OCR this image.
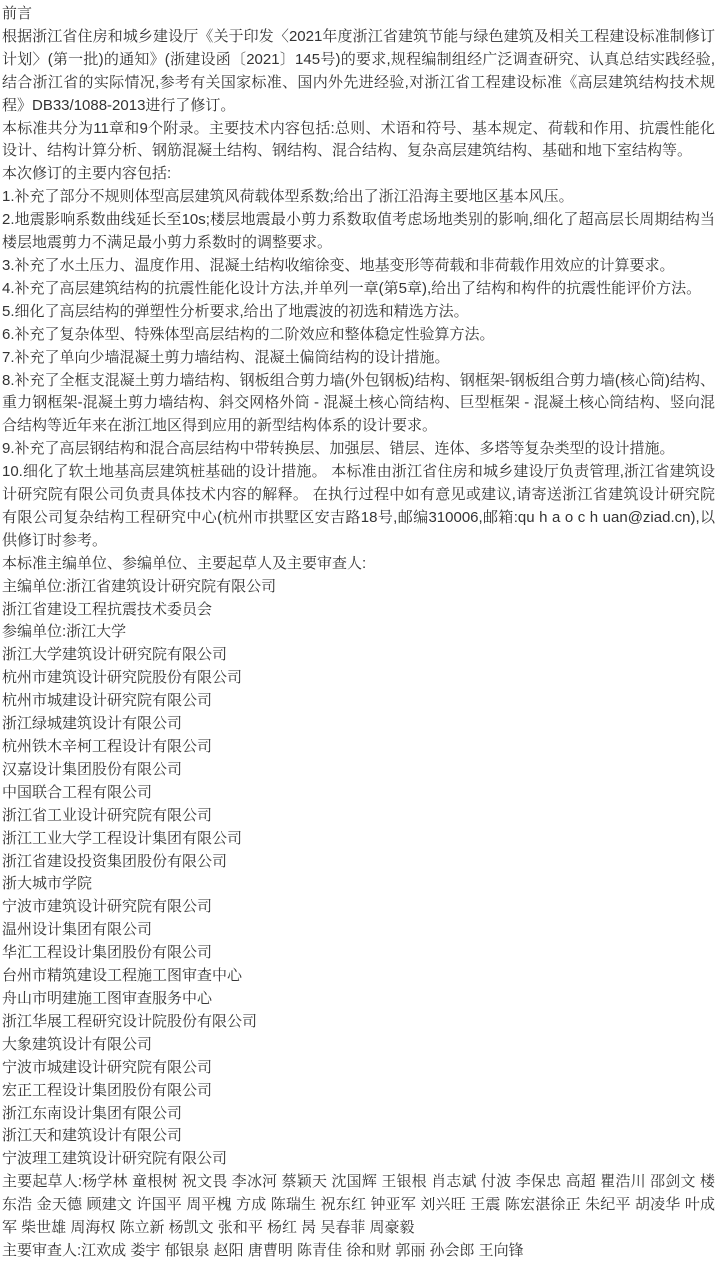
前言

根据浙江省住房和城乡建设厅《关于印发〈2021年度浙江省建筑节能与绿色建筑及相关工程建设标准制修订计划〉(第一批)的通知》(浙建设函〔2021〕145号)的要求,规程编制组经广泛调查研究、认真总结实践经验,结合浙江省的实际情况,参考有关国家标准、国内外先进经验,对浙江省工程建设标准《高层建筑结构技术规程》DB33/1088-2013进行了修订。

本标准共分为11章和9个附录。主要技术内容包括:总则、术语和符号、基本规定、荷载和作用、抗震性能化设计、结构计算分析、钢筋混凝土结构、钢结构、混合结构、复杂高层建筑结构、基础和地下室结构等。

本次修订的主要内容包括:

1.补充了部分不规则体型高层建筑风荷载体型系数;给出了浙江沿海主要地区基本风压。

2.地震影响系数曲线延长至10s;楼层地震最小剪力系数取值考虑场地类别的影响,细化了超高层长周期结构当楼层地震剪力不满足最小剪力系数时的调整要求。

3.补充了水土压力、温度作用、混凝土结构收缩徐变、地基变形等荷载和非荷载作用效应的计算要求。

4.补充了高层建筑结构的抗震性能化设计方法,并单列一章(第5章),给出了结构和构件的抗震性能评价方法。

5.细化了高层结构的弹塑性分析要求,给出了地震波的初选和精选方法。

6.补充了复杂体型、特殊体型高层结构的二阶效应和整体稳定性验算方法。

7.补充了单向少墙混凝土剪力墙结构、混凝土偏筒结构的设计措施。

8.补充了全框支混凝土剪力墙结构、钢板组合剪力墙(外包钢板)结构、钢框架-钢板组合剪力墙(核心筒)结构、重力钢框架-混凝土剪力墙结构、斜交网格外筒 - 混凝土核心筒结构、巨型框架 - 混凝土核心筒结构、竖向混合结构等近年来在浙江地区得到应用的新型结构体系的设计要求。

9.补充了高层钢结构和混合高层结构中带转换层、加强层、错层、连体、多塔等复杂类型的设计措施。

10.细化了软土地基高层建筑桩基础的设计措施。 本标准由浙江省住房和城乡建设厅负责管理,浙江省建筑设计研究院有限公司负责具体技术内容的解释。 在执行过程中如有意见或建议,请寄送浙江省建筑设计研究院有限公司复杂结构工程研究中心(杭州市拱墅区安吉路18号,邮编310006,邮箱:qu h a o c h uan@ziad.cn),以供修订时参考。

本标准主编单位、参编单位、主要起草人及主要审查人:

主编单位:浙江省建筑设计研究院有限公司

浙江省建设工程抗震技术委员会

参编单位:浙江大学

浙江大学建筑设计研究院有限公司

杭州市建筑设计研究院股份有限公司

杭州市城建设计研究院有限公司

浙江绿城建筑设计有限公司

杭州铁木辛柯工程设计有限公司

汉嘉设计集团股份有限公司

中国联合工程有限公司

浙江省工业设计研究院有限公司

浙江工业大学工程设计集团有限公司

浙江省建设投资集团股份有限公司

浙大城市学院

宁波市建筑设计研究院有限公司

温州设计集团有限公司

华汇工程设计集团股份有限公司

台州市精筑建设工程施工图审查中心

舟山市明建施工图审查服务中心

浙江华展工程研究设计院股份有限公司

大象建筑设计有限公司

宁波市城建设计研究院有限公司

宏正工程设计集团股份有限公司

浙江东南设计集团有限公司

浙江天和建筑设计有限公司

宁波理工建筑设计研究院有限公司

主要起草人:杨学林 童根树 祝文畏 李冰河 蔡颖天 沈国辉 王银根 肖志斌 付波 李保忠 高超 瞿浩川 邵剑文 楼东浩 金天德 顾建文 许国平 周平槐 方成 陈瑞生 祝东红 钟亚军 刘兴旺 王震 陈宏湛徐正 朱纪平 胡凌华 叶成军 柴世雄 周海权 陈立新 杨凯文 张和平 杨红 昺 吴春菲 周豪毅

主要审查人:江欢成 娄宇 郁银泉 赵阳 唐曹明 陈青佳 徐和财 郭丽 孙会郎 王向锋
